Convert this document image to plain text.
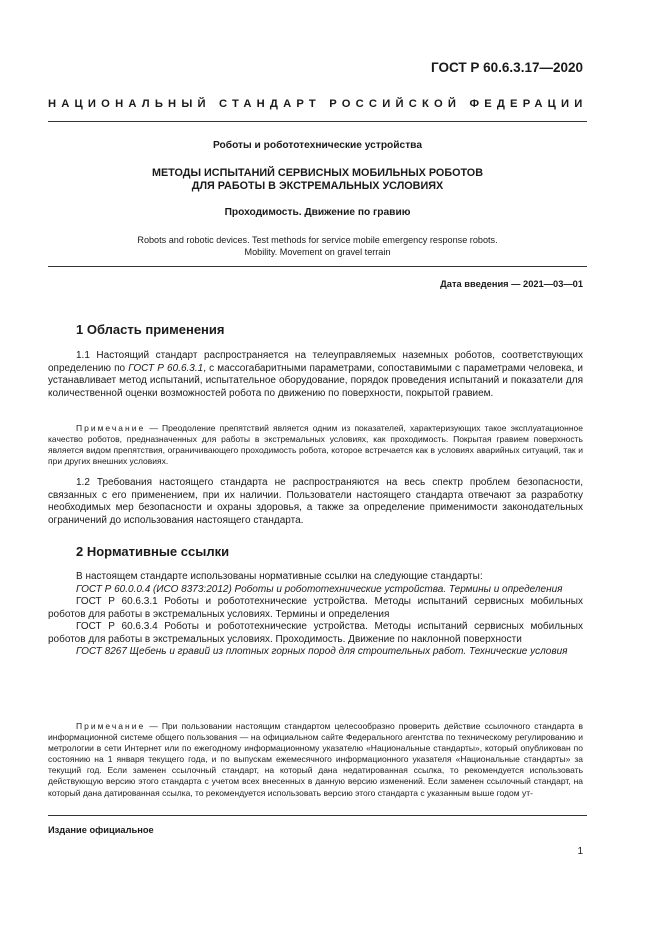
ГОСТ Р 60.6.3.17—2020
НАЦИОНАЛЬНЫЙ СТАНДАРТ РОССИЙСКОЙ ФЕДЕРАЦИИ
Роботы и робототехнические устройства
МЕТОДЫ ИСПЫТАНИЙ СЕРВИСНЫХ МОБИЛЬНЫХ РОБОТОВ
ДЛЯ РАБОТЫ В ЭКСТРЕМАЛЬНЫХ УСЛОВИЯХ
Проходимость. Движение по гравию
Robots and robotic devices. Test methods for service mobile emergency response robots.
Mobility. Movement on gravel terrain
Дата введения — 2021—03—01
1 Область применения

1.1 Настоящий стандарт распространяется на телеуправляемых наземных роботов, соответствующих определению по ГОСТ Р 60.6.3.1, с массогабаритными параметрами, сопоставимыми с параметрами человека, и устанавливает метод испытаний, испытательное оборудование, порядок проведения испытаний и показатели для количественной оценки возможностей робота по движению по поверхности, покрытой гравием.

Примечание — Преодоление препятствий является одним из показателей, характеризующих такое эксплуатационное качество роботов, предназначенных для работы в экстремальных условиях, как проходимость. Покрытая гравием поверхность является видом препятствия, ограничивающего проходимость робота, которое встречается как в условиях аварийных ситуаций, так и при других внешних условиях.

1.2 Требования настоящего стандарта не распространяются на весь спектр проблем безопасности, связанных с его применением, при их наличии. Пользователи настоящего стандарта отвечают за разработку необходимых мер безопасности и охраны здоровья, а также за определение применимости законодательных ограничений до использования настоящего стандарта.

2 Нормативные ссылки

В настоящем стандарте использованы нормативные ссылки на следующие стандарты:

ГОСТ Р 60.0.0.4 (ИСО 8373:2012) Роботы и робототехнические устройства. Термины и определения

ГОСТ Р 60.6.3.1 Роботы и робототехнические устройства. Методы испытаний сервисных мобильных роботов для работы в экстремальных условиях. Термины и определения

ГОСТ Р 60.6.3.4 Роботы и робототехнические устройства. Методы испытаний сервисных мобильных роботов для работы в экстремальных условиях. Проходимость. Движение по наклонной поверхности

ГОСТ 8267 Щебень и гравий из плотных горных пород для строительных работ. Технические условия

Примечание — При пользовании настоящим стандартом целесообразно проверить действие ссылочного стандарта в информационной системе общего пользования — на официальном сайте Федерального агентства по техническому регулированию и метрологии в сети Интернет или по ежегодному информационному указателю «Национальные стандарты», который опубликован по состоянию на 1 января текущего года, и по выпускам ежемесячного информационного указателя «Национальные стандарты» за текущий год. Если заменен ссылочный стандарт, на который дана недатированная ссылка, то рекомендуется использовать действующую версию этого стандарта с учетом всех внесенных в данную версию изменений. Если заменен ссылочный стандарт, на который дана датированная ссылка, то рекомендуется использовать версию этого стандарта с указанным выше годом ут-

Издание официальное
1
